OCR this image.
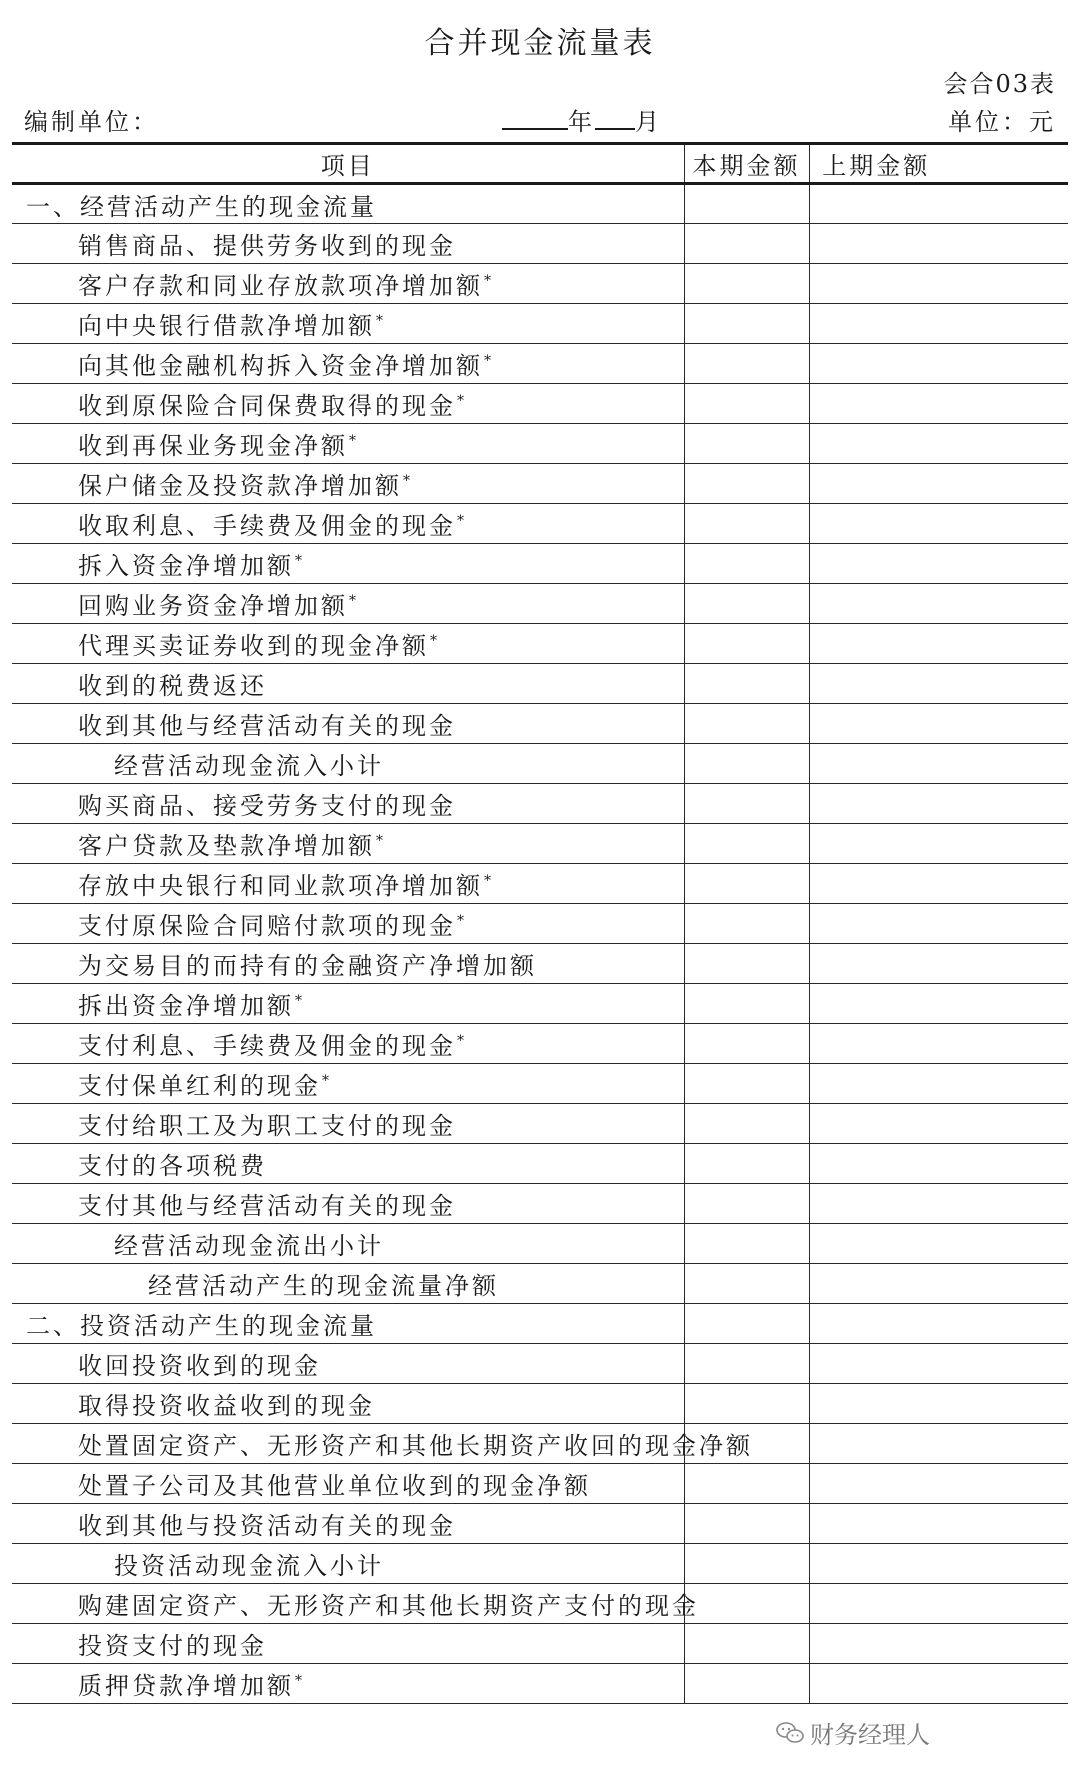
合并现金流量表
会合03表
编制单位：	年 月	单位：元
项目	本期金额	上期金额	
一、经营活动产生的现金流量			
销售商品、提供劳务收到的现金			
客户存款和同业存放款项净增加额*			
向中央银行借款净增加额*			
向其他金融机构拆入资金净增加额*			
收到原保险合同保费取得的现金*			
收到再保业务现金净额*			
保户储金及投资款净增加额*			
收取利息、手续费及佣金的现金*			
拆入资金净增加额*			
回购业务资金净增加额*			
代理买卖证券收到的现金净额*			
收到的税费返还			
收到其他与经营活动有关的现金			
经营活动现金流入小计			
购买商品、接受劳务支付的现金			
客户贷款及垫款净增加额*			
存放中央银行和同业款项净增加额*			
支付原保险合同赔付款项的现金*			
为交易目的而持有的金融资产净增加额			
拆出资金净增加额*			
支付利息、手续费及佣金的现金*			
支付保单红利的现金*			
支付给职工及为职工支付的现金			
支付的各项税费			
支付其他与经营活动有关的现金			
经营活动现金流出小计			
经营活动产生的现金流量净额			
二、投资活动产生的现金流量			
收回投资收到的现金			
取得投资收益收到的现金			
处置固定资产、无形资产和其他长期资产收回的现金净额			
处置子公司及其他营业单位收到的现金净额			
收到其他与投资活动有关的现金			
投资活动现金流入小计			
购建固定资产、无形资产和其他长期资产支付的现金			
投资支付的现金			
质押贷款净增加额*			
财务经理人
